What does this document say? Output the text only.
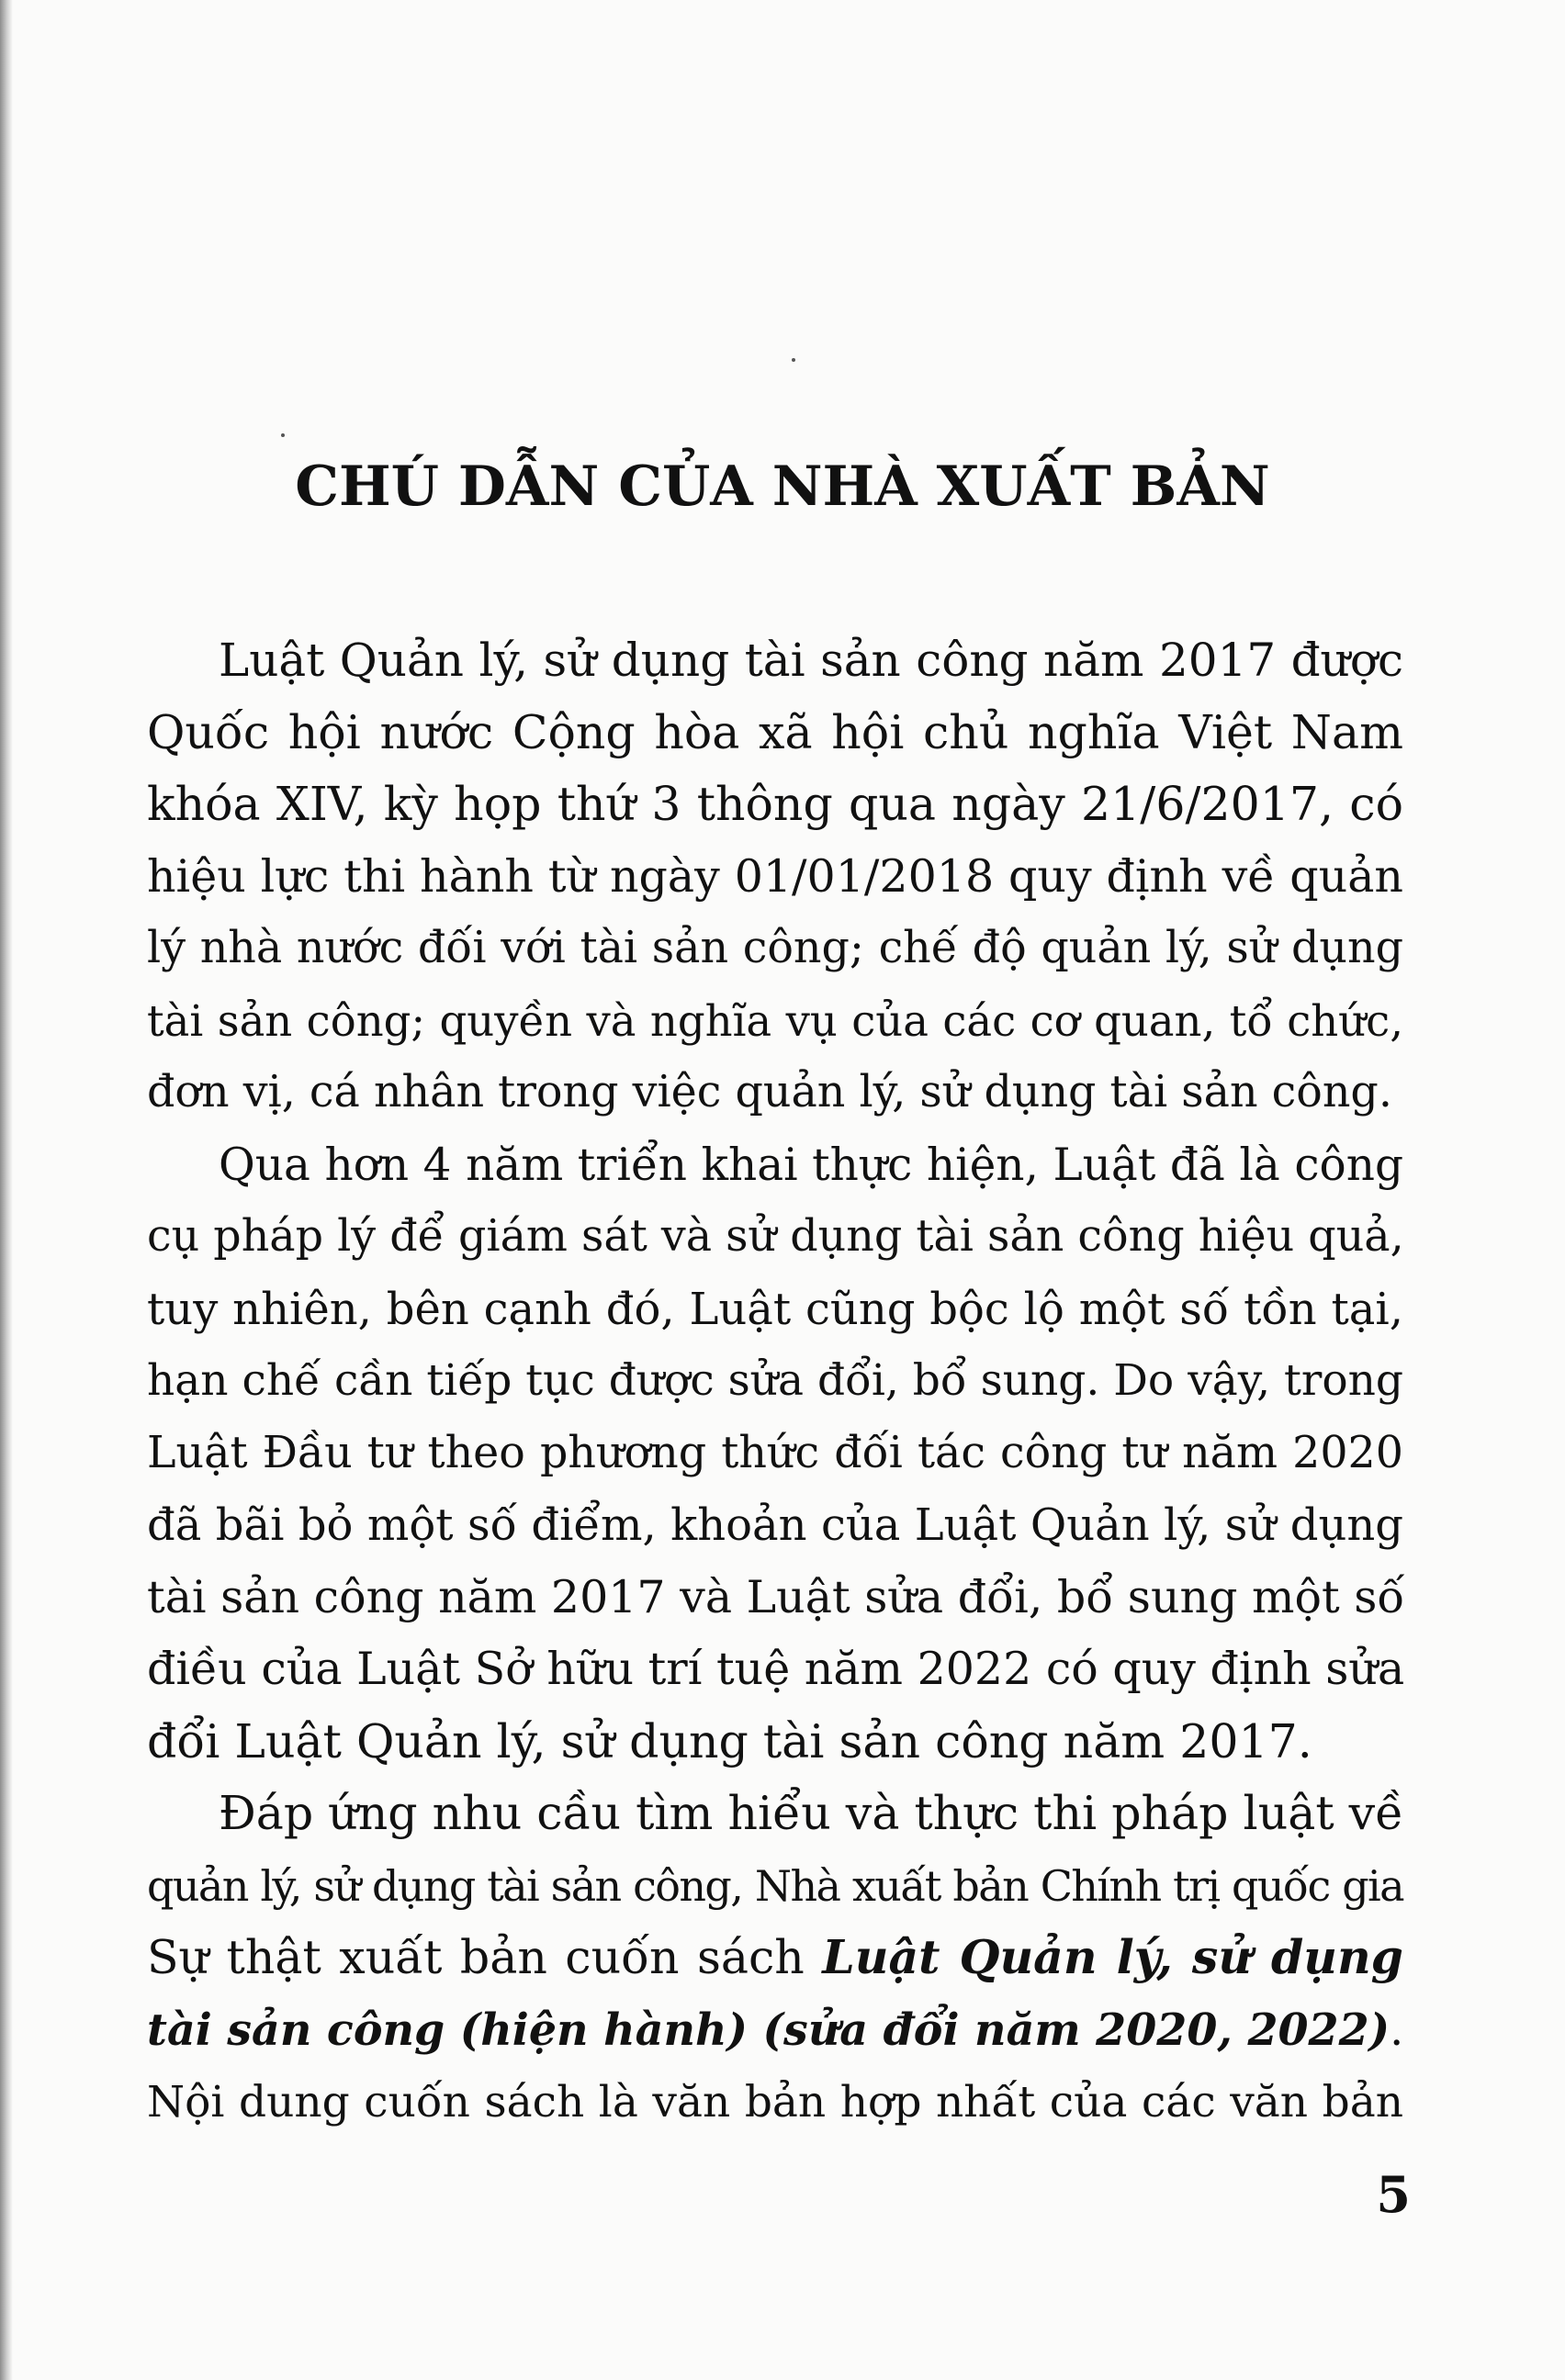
CHÚ DẪN CỦA NHÀ XUẤT BẢN

Luật Quản lý, sử dụng tài sản công năm 2017 được
Quốc hội nước Cộng hòa xã hội chủ nghĩa Việt Nam
khóa XIV, kỳ họp thứ 3 thông qua ngày 21/6/2017, có
hiệu lực thi hành từ ngày 01/01/2018 quy định về quản
lý nhà nước đối với tài sản công; chế độ quản lý, sử dụng
tài sản công; quyền và nghĩa vụ của các cơ quan, tổ chức,
đơn vị, cá nhân trong việc quản lý, sử dụng tài sản công.

Qua hơn 4 năm triển khai thực hiện, Luật đã là công
cụ pháp lý để giám sát và sử dụng tài sản công hiệu quả,
tuy nhiên, bên cạnh đó, Luật cũng bộc lộ một số tồn tại,
hạn chế cần tiếp tục được sửa đổi, bổ sung. Do vậy, trong
Luật Đầu tư theo phương thức đối tác công tư năm 2020
đã bãi bỏ một số điểm, khoản của Luật Quản lý, sử dụng
tài sản công năm 2017 và Luật sửa đổi, bổ sung một số
điều của Luật Sở hữu trí tuệ năm 2022 có quy định sửa
đổi Luật Quản lý, sử dụng tài sản công năm 2017.

Đáp ứng nhu cầu tìm hiểu và thực thi pháp luật về
quản lý, sử dụng tài sản công, Nhà xuất bản Chính trị quốc gia
Sự thật xuất bản cuốn sách Luật Quản lý, sử dụng
tài sản công (hiện hành) (sửa đổi năm 2020, 2022).
Nội dung cuốn sách là văn bản hợp nhất của các văn bản

5
